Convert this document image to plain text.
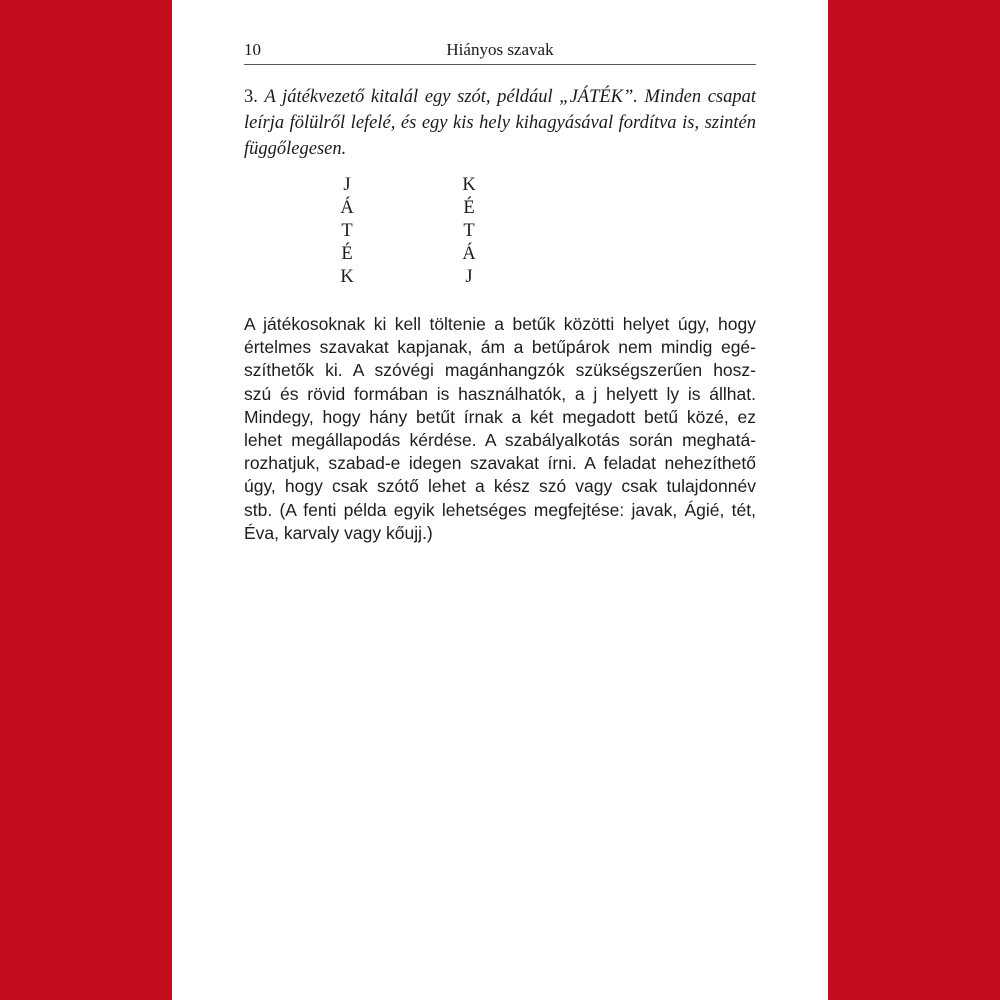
10	Hiányos szavak
3. A játékvezető kitalál egy szót, például „JÁTÉK”. Minden csapat leírja fölülről lefelé, és egy kis hely kihagyásával fordítva is, szintén függőlegesen.
J
Á
T
É
K
K
É
T
Á
J
A játékosoknak ki kell töltenie a betűk közötti helyet úgy, hogy
értelmes szavakat kapjanak, ám a betűpárok nem mindig egé-
szíthetők ki. A szóvégi magánhangzók szükségszerűen hosz-
szú és rövid formában is használhatók, a j helyett ly is állhat.
Mindegy, hogy hány betűt írnak a két megadott betű közé, ez
lehet megállapodás kérdése. A szabályalkotás során meghatá-
rozhatjuk, szabad-e idegen szavakat írni. A feladat nehezíthető
úgy, hogy csak szótő lehet a kész szó vagy csak tulajdonnév
stb. (A fenti példa egyik lehetséges megfejtése: javak, Ágié, tét,
Éva, karvaly vagy kőujj.)
